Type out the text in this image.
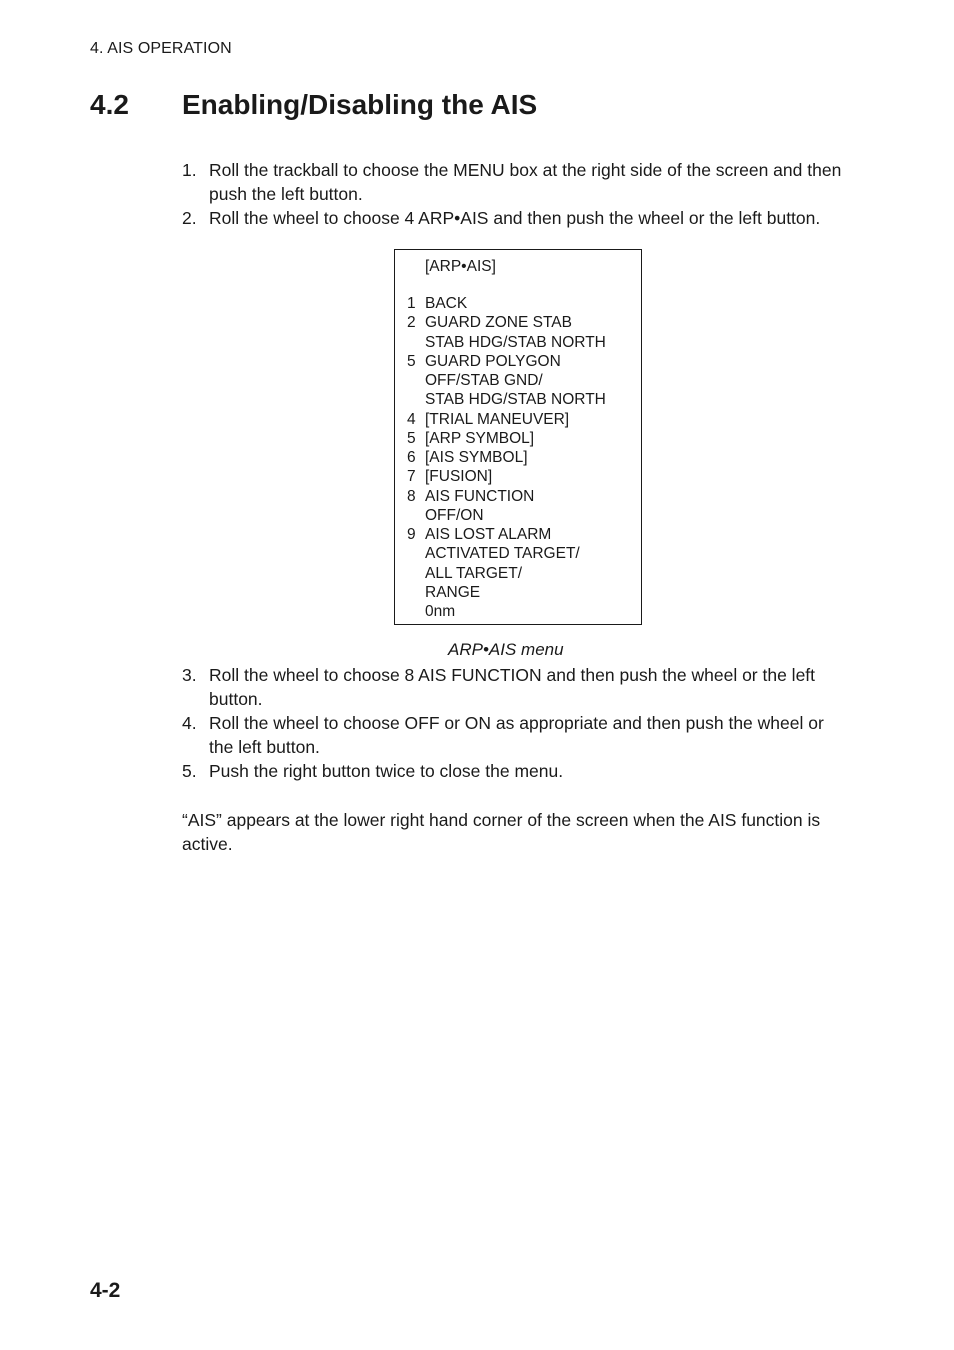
4. AIS OPERATION
4.2 Enabling/Disabling the AIS
1. Roll the trackball to choose the MENU box at the right side of the screen and then push the left button.
2. Roll the wheel to choose 4 ARP•AIS and then push the wheel or the left button.
[ARP•AIS]
1 BACK
2 GUARD ZONE STAB
STAB HDG/STAB NORTH
5 GUARD POLYGON
OFF/STAB GND/
STAB HDG/STAB NORTH
4 [TRIAL MANEUVER]
5 [ARP SYMBOL]
6 [AIS SYMBOL]
7 [FUSION]
8 AIS FUNCTION
OFF/ON
9 AIS LOST ALARM
ACTIVATED TARGET/
ALL TARGET/
RANGE
0nm
ARP•AIS menu
3. Roll the wheel to choose 8 AIS FUNCTION and then push the wheel or the left button.
4. Roll the wheel to choose OFF or ON as appropriate and then push the wheel or the left button.
5. Push the right button twice to close the menu.
“AIS” appears at the lower right hand corner of the screen when the AIS function is active.
4-2
